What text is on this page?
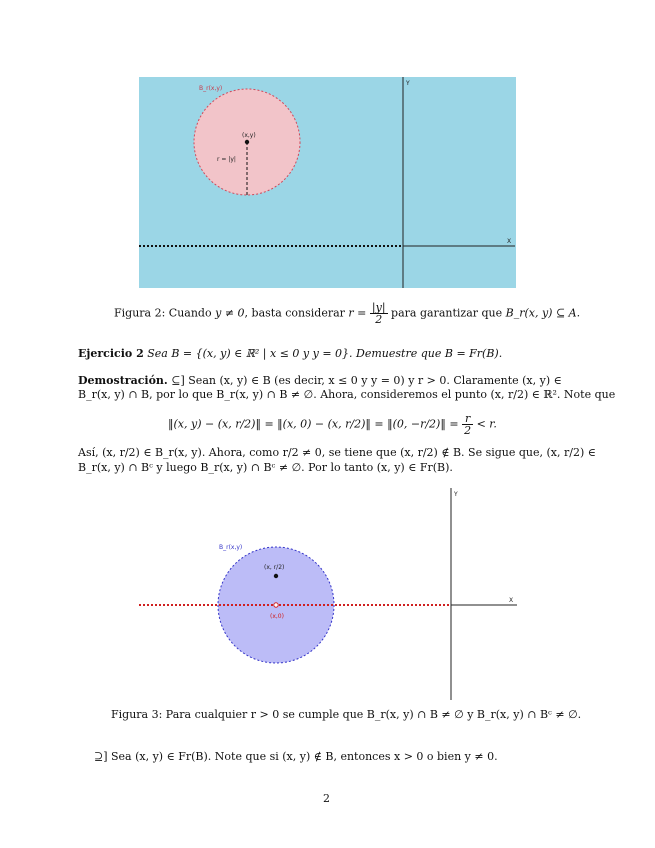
B_r(x,y)
(x,y)
r = |y|
Y
X
Figura 2: Cuando y ≠ 0, basta considerar $r = \frac{|y|}{2}$ para garantizar que B_r(x, y) ⊆ A.
Ejercicio 2 Sea B = {(x, y) ∈ ℝ² | x ≤ 0 y y = 0}. Demuestre que B = Fr(B).
Demostración. ⊆] Sean (x, y) ∈ B (es decir, x ≤ 0 y y = 0) y r > 0. Claramente (x, y) ∈
B_r(x, y) ∩ B, por lo que B_r(x, y) ∩ B ≠ ∅. Ahora, consideremos el punto (x, r/2) ∈ ℝ². Note que
‖(x, y) − (x, r/2)‖ = ‖(x, 0) − (x, r/2)‖ = ‖(0, −r/2)‖ = $\frac{r}{2} < r$.
Así, (x, r/2) ∈ B_r(x, y). Ahora, como r/2 ≠ 0, se tiene que (x, r/2) ∉ B. Se sigue que, (x, r/2) ∈
B_r(x, y) ∩ Bᶜ y luego B_r(x, y) ∩ Bᶜ ≠ ∅. Por lo tanto (x, y) ∈ Fr(B).
B_r(x,y)
(x, r/2)
(x,0)
Y
X
Figura 3: Para cualquier r > 0 se cumple que B_r(x, y) ∩ B ≠ ∅ y B_r(x, y) ∩ Bᶜ ≠ ∅.
⊇] Sea (x, y) ∈ Fr(B). Note que si (x, y) ∉ B, entonces x > 0 o bien y ≠ 0.
2
